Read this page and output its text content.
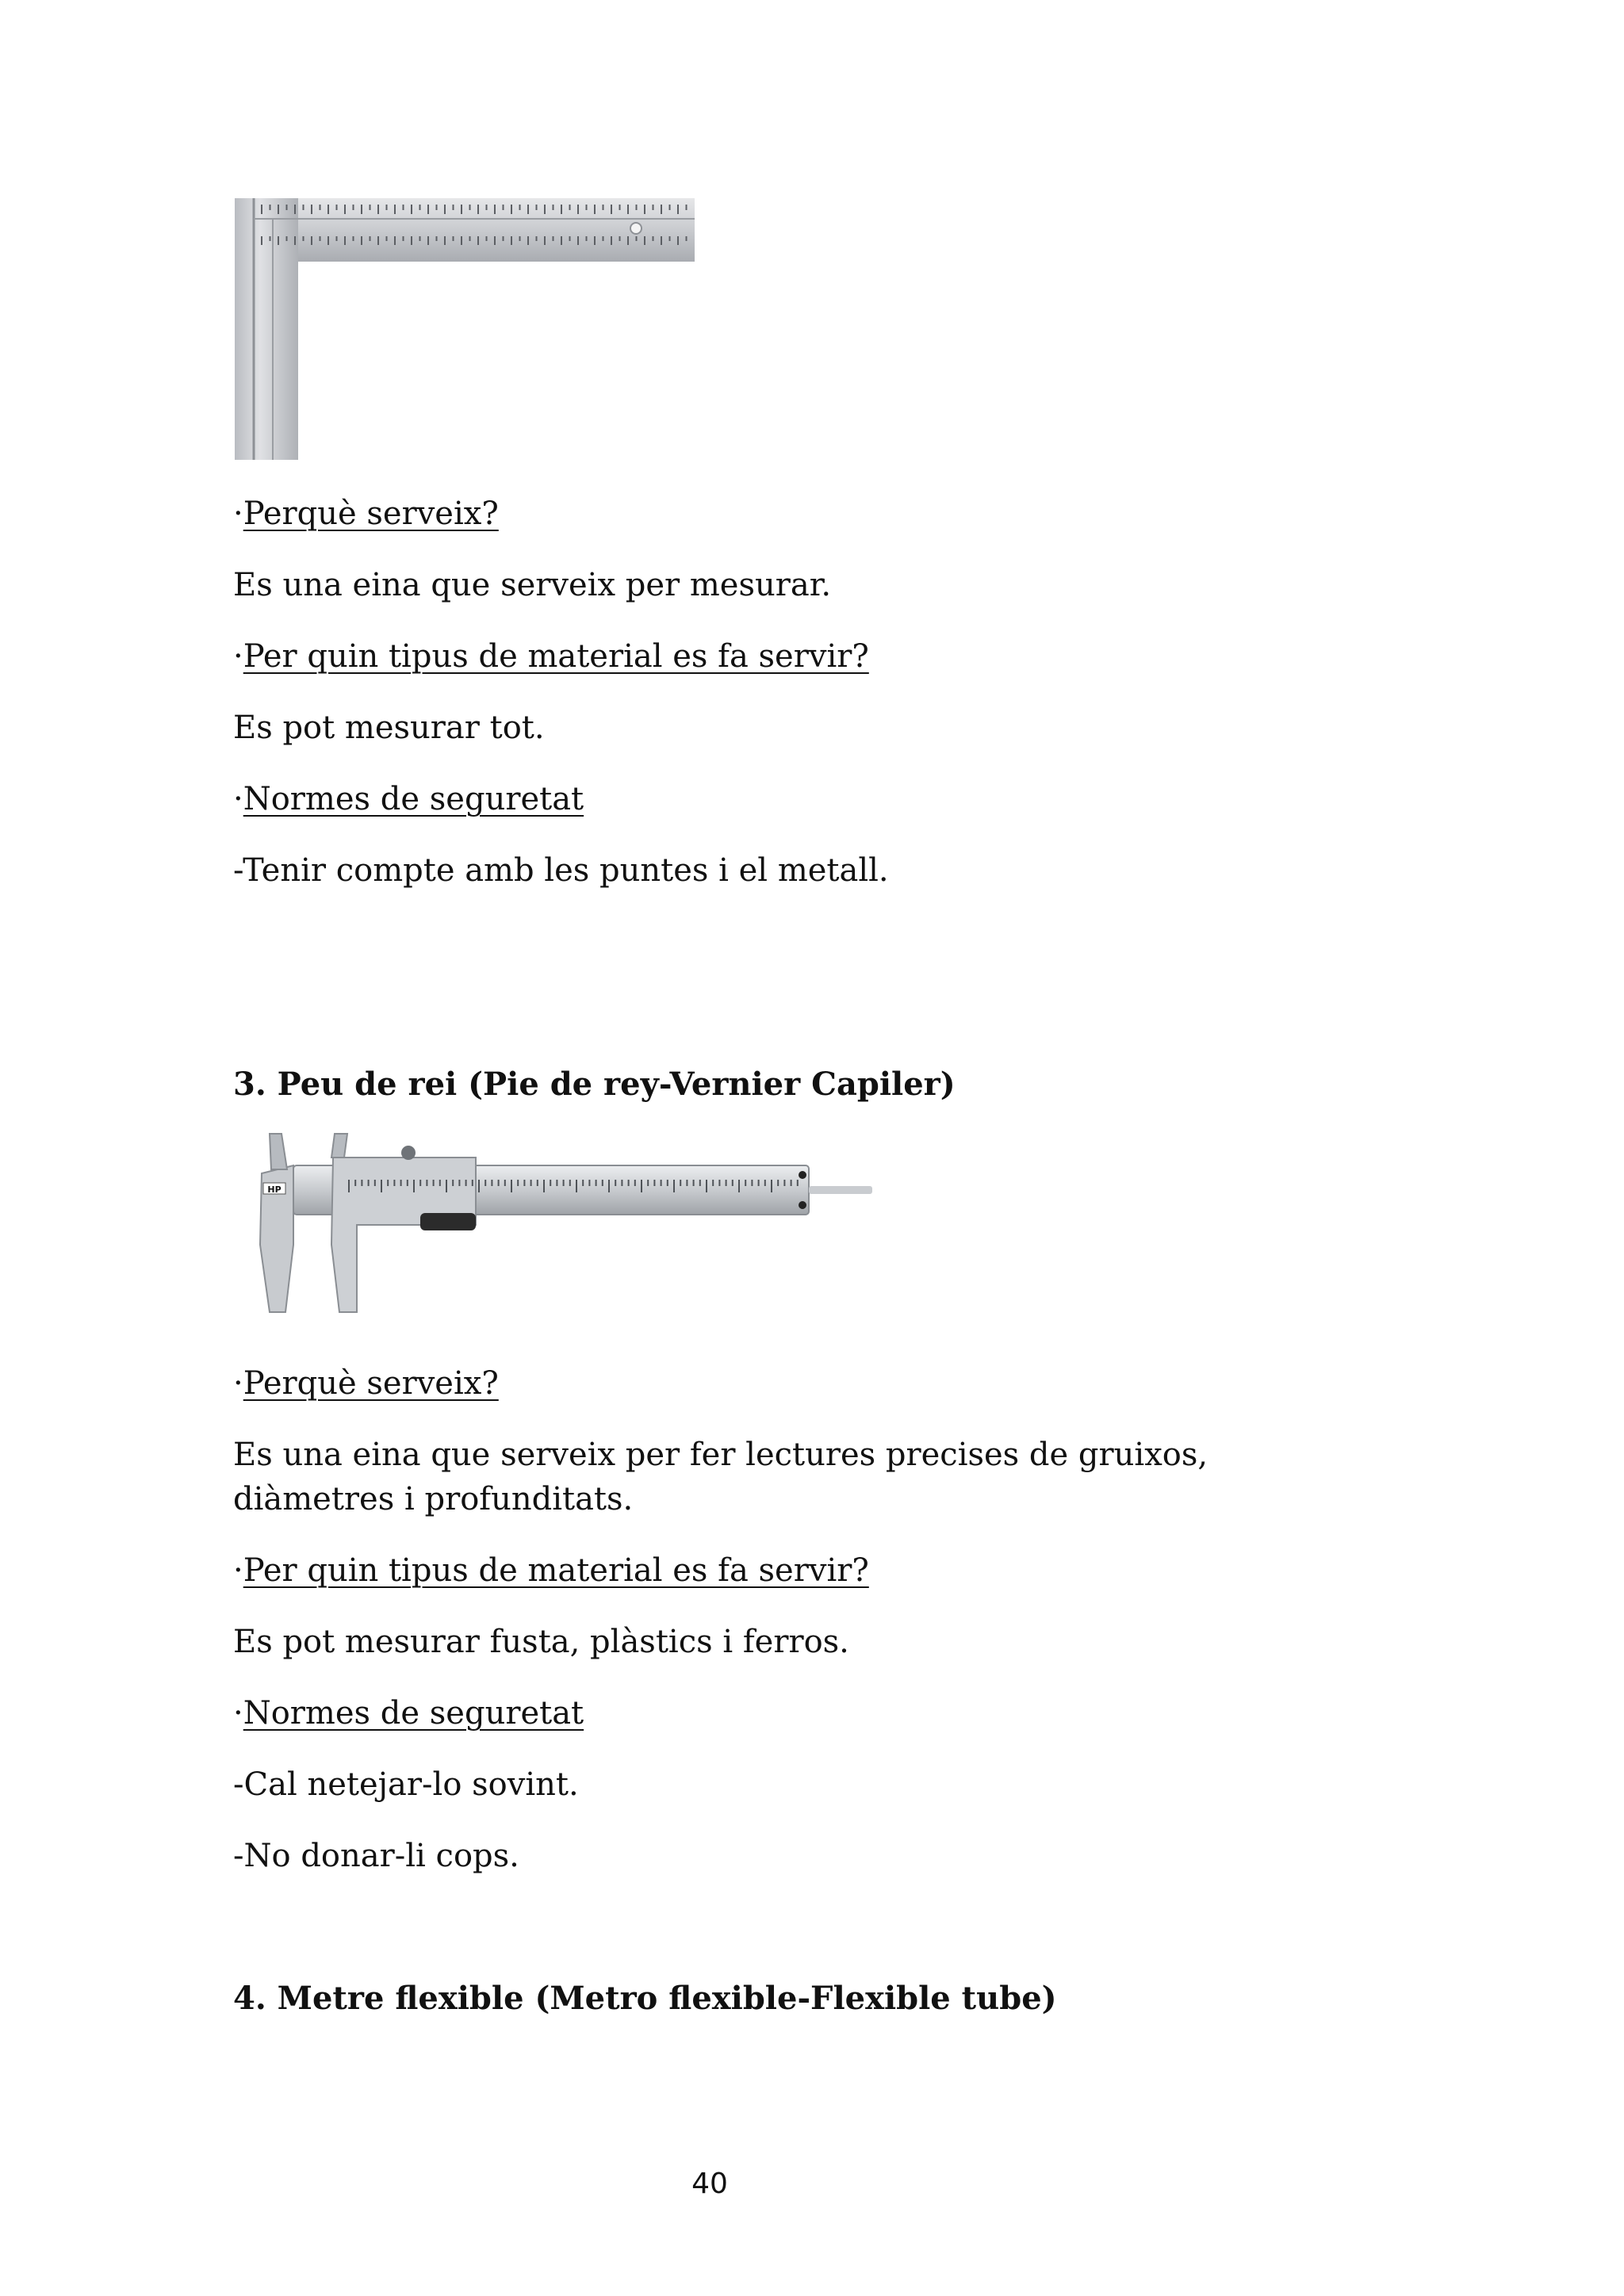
·Perquè serveix?

Es una eina que serveix per mesurar.

·Per quin tipus de material es fa servir?

Es pot mesurar tot.

·Normes de seguretat

-Tenir compte amb les puntes i el metall.

3. Peu de rei (Pie de rey-Vernier Capiler)

HP

·Perquè serveix?

Es una eina que serveix per fer lectures precises de gruixos, diàmetres i profunditats.

·Per quin tipus de material es fa servir?

Es pot mesurar fusta, plàstics i ferros.

·Normes de seguretat

-Cal netejar-lo sovint.

-No donar-li cops.

4. Metre flexible (Metro flexible-Flexible tube)

40
